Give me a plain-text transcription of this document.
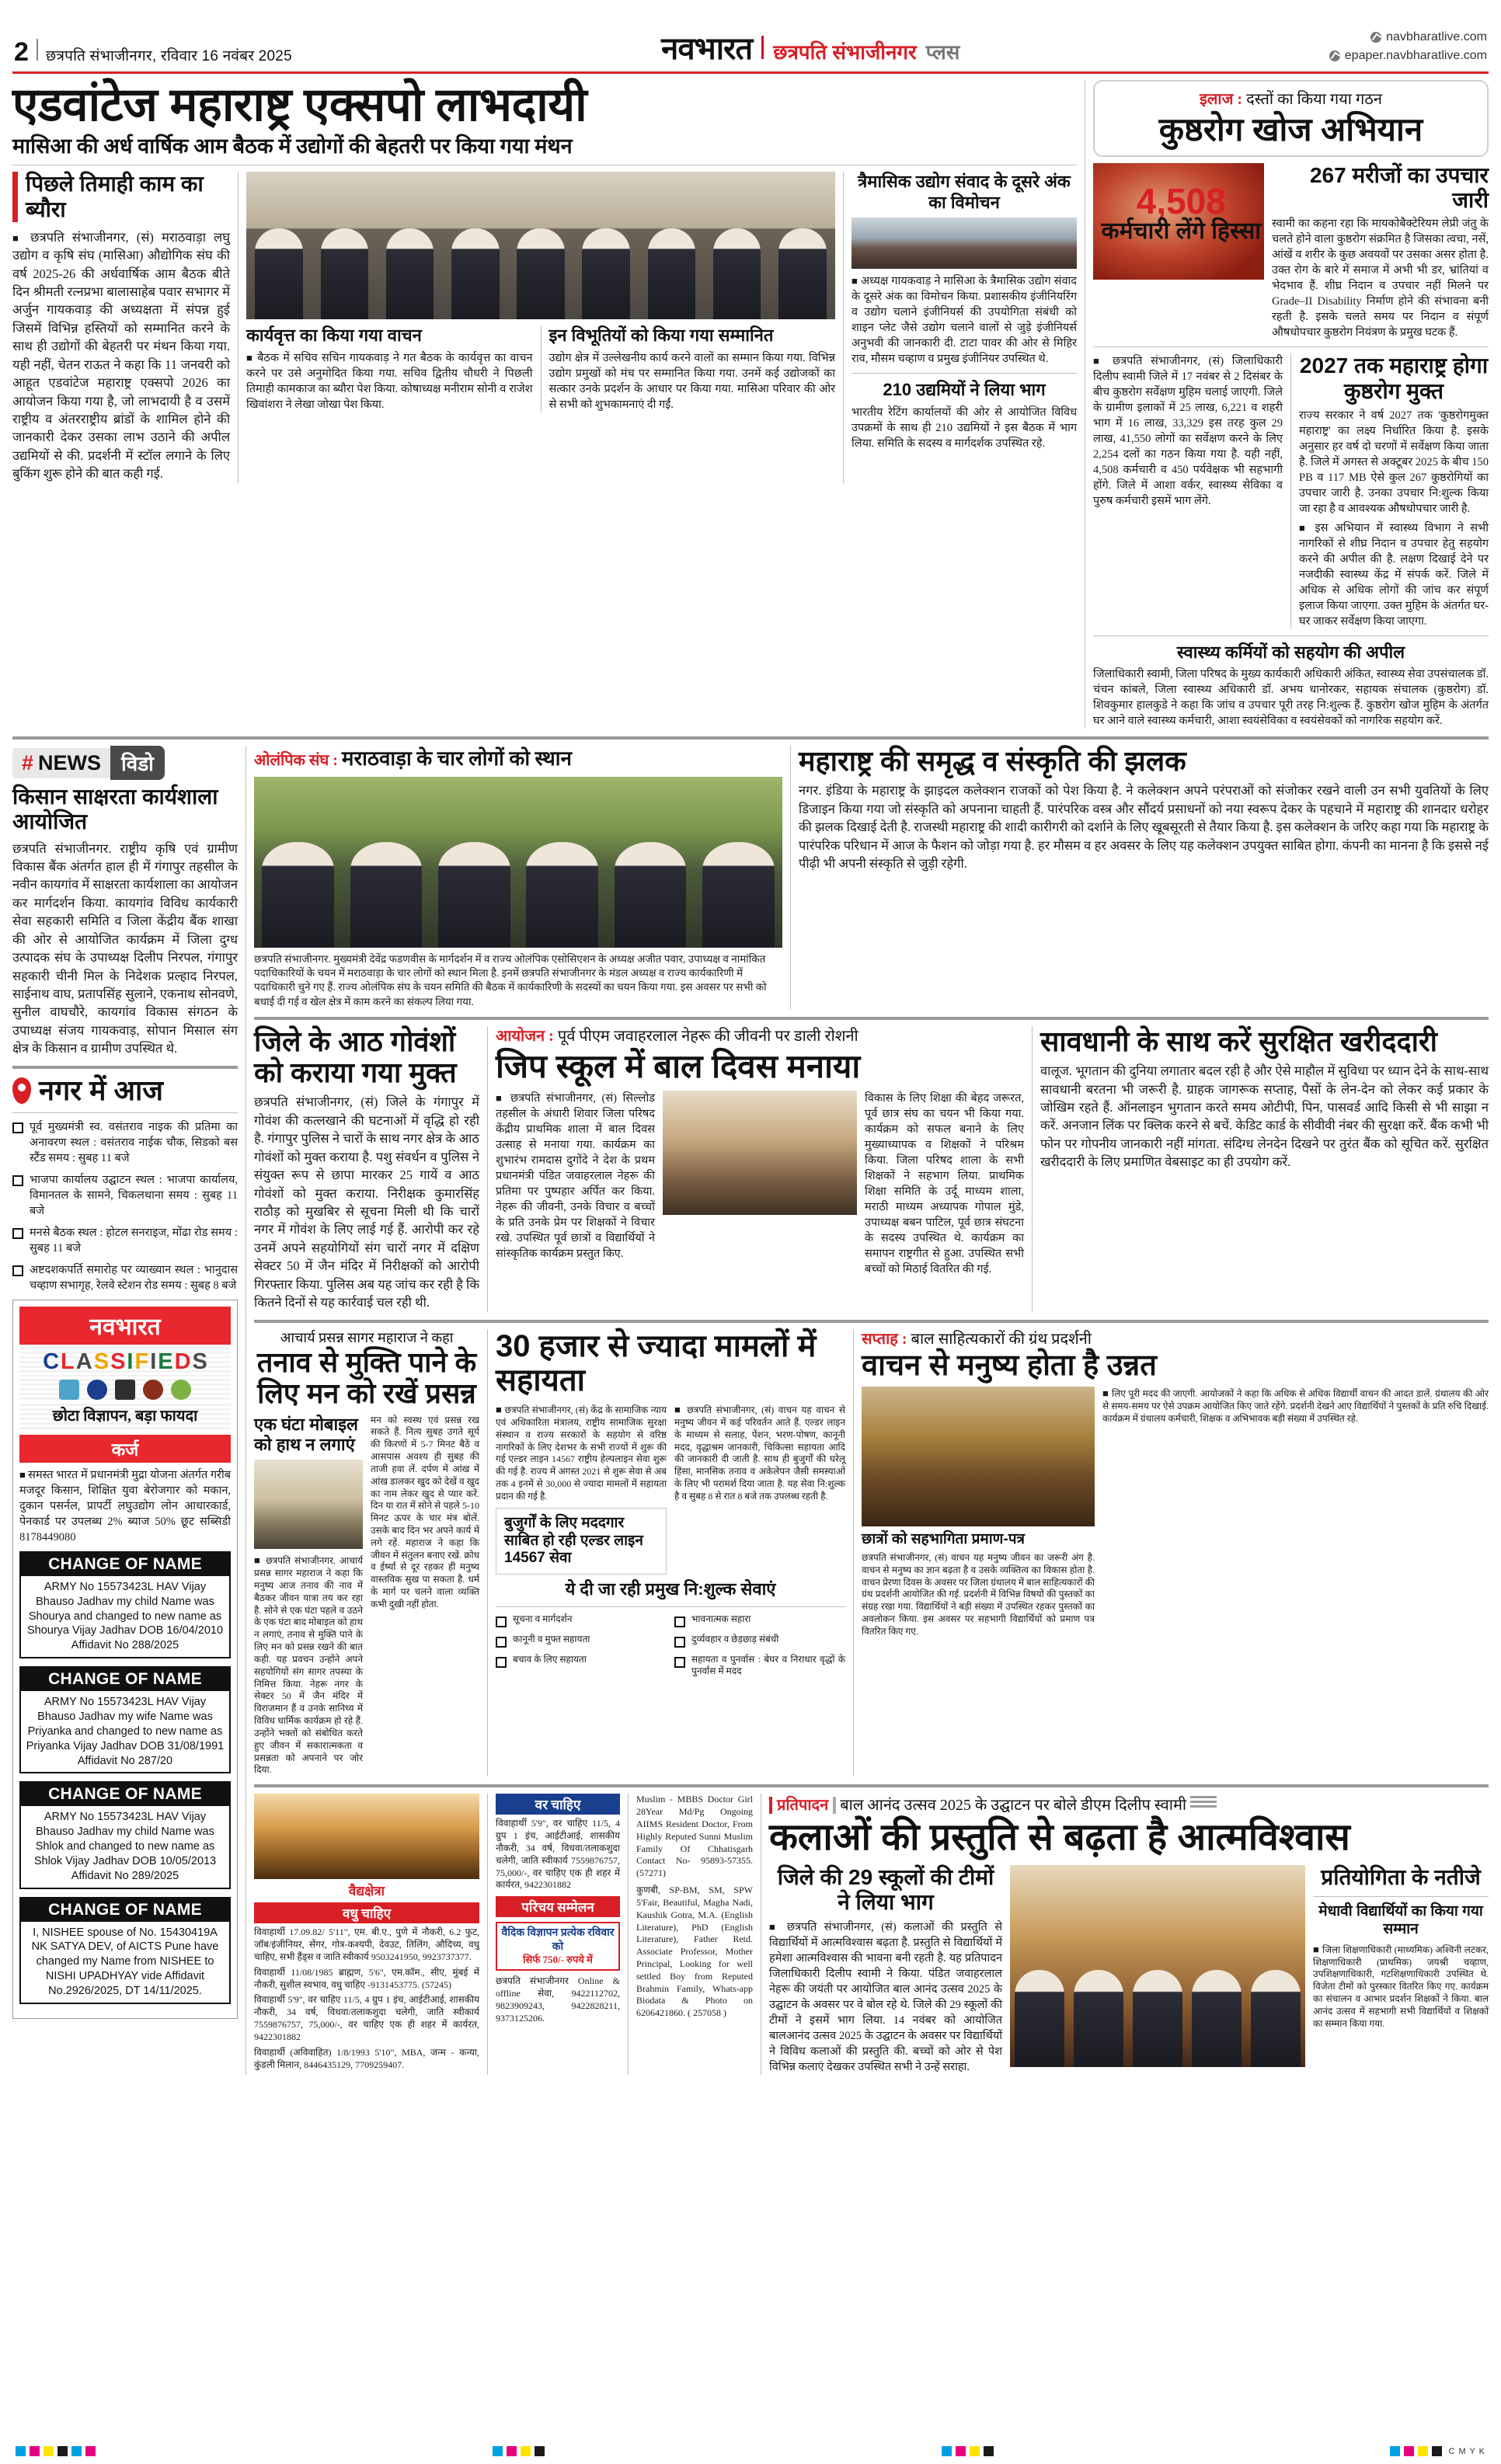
2 छत्रपति संभाजीनगर, रविवार 16 नवंबर 2025	नवभारत छत्रपति संभाजीनगर प्लस
navbharatlive.com
epaper.navbharatlive.com
एडवांटेज महाराष्ट्र एक्सपो लाभदायी
मासिआ की अर्ध वार्षिक आम बैठक में उद्योगों की बेहतरी पर किया गया मंथन
पिछले तिमाही काम का ब्यौरा
■ छत्रपति संभाजीनगर, (सं) मराठवाड़ा लघु उद्योग व कृषि संघ (मासिआ) औद्योगिक संघ की वर्ष 2025-26 की अर्धवार्षिक आम बैठक बीते दिन श्रीमती रत्नप्रभा बालासाहेब पवार सभागर में अर्जुन गायकवाड़ की अध्यक्षता में संपन्न हुई जिसमें विभिन्न हस्तियों को सम्मानित करने के साथ ही उद्योगों की बेहतरी पर मंथन किया गया. यही नहीं, चेतन राऊत ने कहा कि 11 जनवरी को आहूत एडवांटेज महाराष्ट्र एक्सपो 2026 का आयोजन किया गया है, जो लाभदायी है व उसमें राष्ट्रीय व अंतरराष्ट्रीय ब्रांडों के शामिल होने की जानकारी देकर उसका लाभ उठाने की अपील उद्यमियों से की. प्रदर्शनी में स्टॉल लगाने के लिए बुकिंग शुरू होने की बात कही गई.
कार्यवृत्त का किया गया वाचन
■ बैठक में सचिव सचिन गायकवाड़ ने गत बैठक के कार्यवृत्त का वाचन करने पर उसे अनुमोदित किया गया. सचिव द्वितीय चौधरी ने पिछली तिमाही कामकाज का ब्यौरा पेश किया. कोषाध्यक्ष मनीराम सोनी व राजेश खिवांशरा ने लेखा जोखा पेश किया.
इन विभूतियों को किया गया सम्मानित
उद्योग क्षेत्र में उल्लेखनीय कार्य करने वालों का सम्मान किया गया. विभिन्न उद्योग प्रमुखों को मंच पर सम्मानित किया गया. उनमें कई उद्योजकों का सत्कार उनके प्रदर्शन के आधार पर किया गया. मासिआ परिवार की ओर से सभी को शुभकामनाएं दी गईं.
त्रैमासिक उद्योग संवाद के दूसरे अंक का विमोचन
■ अध्यक्ष गायकवाड़ ने मासिआ के त्रैमासिक उद्योग संवाद के दूसरे अंक का विमोचन किया. प्रशासकीय इंजीनियरिंग व उद्योग चलाने इंजीनियर्स की उपयोगिता संबंधी को शाइन प्लेट जैसे उद्योग चलाने वालों से जुड़े इंजीनियर्स अनुभवी की जानकारी दी. टाटा पावर की ओर से मिहिर राव, मौसम चव्हाण व प्रमुख इंजीनियर उपस्थित थे.
210 उद्यमियों ने लिया भाग
भारतीय रेटिंग कार्यालयों की ओर से आयोजित विविध उपक्रमों के साथ ही 210 उद्यमियों ने इस बैठक में भाग लिया. समिति के सदस्य व मार्गदर्शक उपस्थित रहे.
इलाज : दस्तों का किया गया गठन
कुष्ठरोग खोज अभियान
4,508
कर्मचारी लेंगे हिस्सा
267 मरीजों का उपचार जारी
स्वामी का कहना रहा कि मायकोबैक्टेरियम लेप्री जंतु के चलते होने वाला कुष्ठरोग संक्रमित है जिसका त्वचा, नसें, आंखें व शरीर के कुछ अवयवों पर उसका असर होता है. उक्त रोग के बारे में समाज में अभी भी डर, भ्रांतियां व भेदभाव हैं. शीघ्र निदान व उपचार नहीं मिलने पर Grade–II Disability निर्माण होने की संभावना बनी रहती है. इसके चलते समय पर निदान व संपूर्ण औषधोपचार कुष्ठरोग नियंत्रण के प्रमुख घटक हैं.
■ छत्रपति संभाजीनगर, (सं) जिलाधिकारी दिलीप स्वामी जिले में 17 नवंबर से 2 दिसंबर के बीच कुष्ठरोग सर्वेक्षण मुहिम चलाई जाएगी. जिले के ग्रामीण इलाकों में 25 लाख, 6,221 व शहरी भाग में 16 लाख, 33,329 इस तरह कुल 29 लाख, 41,550 लोगों का सर्वेक्षण करने के लिए 2,254 दलों का गठन किया गया है. यही नहीं, 4,508 कर्मचारी व 450 पर्यवेक्षक भी सहभागी होंगे. जिले में आशा वर्कर, स्वास्थ्य सेविका व पुरुष कर्मचारी इसमें भाग लेंगे.
2027 तक महाराष्ट्र होगा कुष्ठरोग मुक्त
राज्य सरकार ने वर्ष 2027 तक 'कुष्ठरोगमुक्त महाराष्ट्र' का लक्ष्य निर्धारित किया है. इसके अनुसार हर वर्ष दो चरणों में सर्वेक्षण किया जाता है. जिले में अगस्त से अक्टूबर 2025 के बीच 150 PB व 117 MB ऐसे कुल 267 कुष्ठरोगियों का उपचार जारी है. उनका उपचार नि:शुल्क किया जा रहा है व आवश्यक औषधोपचार जारी है.
■ इस अभियान में स्वास्थ्य विभाग ने सभी नागरिकों से शीघ्र निदान व उपचार हेतु सहयोग करने की अपील की है. लक्षण दिखाई देने पर नजदीकी स्वास्थ्य केंद्र में संपर्क करें. जिले में अधिक से अधिक लोगों की जांच कर संपूर्ण इलाज किया जाएगा. उक्त मुहिम के अंतर्गत घर-घर जाकर सर्वेक्षण किया जाएगा.
स्वास्थ्य कर्मियों को सहयोग की अपील
जिलाधिकारी स्वामी, जिला परिषद के मुख्य कार्यकारी अधिकारी अंकित, स्वास्थ्य सेवा उपसंचालक डॉ. चंचन कांबले, जिला स्वास्थ्य अधिकारी डॉ. अभय धानोरकर, सहायक संचालक (कुष्ठरोग) डॉ. शिवकुमार हालकुडे ने कहा कि जांच व उपचार पूरी तरह नि:शुल्क हैं. कुष्ठरोग खोज मुहिम के अंतर्गत घर आने वाले स्वास्थ्य कर्मचारी, आशा स्वयंसेविका व स्वयंसेवकों को नागरिक सहयोग करें.
# NEWS	विडो
किसान साक्षरता कार्यशाला आयोजित
छत्रपति संभाजीनगर. राष्ट्रीय कृषि एवं ग्रामीण विकास बैंक अंतर्गत हाल ही में गंगापुर तहसील के नवीन कायगांव में साक्षरता कार्यशाला का आयोजन कर मार्गदर्शन किया. कायगांव विविध कार्यकारी सेवा सहकारी समिति व जिला केंद्रीय बैंक शाखा की ओर से आयोजित कार्यक्रम में जिला दुग्ध उत्पादक संघ के उपाध्यक्ष दिलीप निरपल, गंगापुर सहकारी चीनी मिल के निदेशक प्रल्हाद निरपल, साईनाथ वाघ, प्रतापसिंह सुलाने, एकनाथ सोनवणे, सुनील वाघचौरे, कायगांव विकास संगठन के उपाध्यक्ष संजय गायकवाड़, सोपान मिसाल संग क्षेत्र के किसान व ग्रामीण उपस्थित थे.
नगर में आज
पूर्व मुख्यमंत्री स्व. वसंतराव नाइक की प्रतिमा का अनावरण स्थल : वसंतराव नाईक चौक, सिडको बस स्टैंड समय : सुबह 11 बजे
भाजपा कार्यालय उद्घाटन स्थल : भाजपा कार्यालय, विमानतल के सामने, चिकलथाना समय : सुबह 11 बजे
मनसे बैठक स्थल : होटल सनराइज, मोंढा रोड समय : सुबह 11 बजे
अष्टदशकपर्ति समारोह पर व्याख्यान स्थल : भानुदास चव्हाण सभागृह, रेलवे स्टेशन रोड समय : सुबह 8 बजे
नवभारत
C L A S S I F I E D S
छोटा विज्ञापन, बड़ा फायदा
कर्ज
■ समस्त भारत में प्रधानमंत्री मुद्रा योजना अंतर्गत गरीब मजदूर किसान, शिक्षित युवा बेरोजगार को मकान, दुकान पसर्नल, प्रापर्टी लघुउद्योग लोन आधारकार्ड, पेनकार्ड पर उपलब्ध 2% ब्याज 50% छूट सब्सिडी 8178449080
CHANGE OF NAME
ARMY No 15573423L HAV Vijay Bhauso Jadhav my child Name was Shourya and changed to new name as Shourya Vijay Jadhav DOB 16/04/2010 Affidavit No 288/2025
CHANGE OF NAME
ARMY No 15573423L HAV Vijay Bhauso Jadhav my wife Name was Priyanka and changed to new name as Priyanka Vijay Jadhav DOB 31/08/1991 Affidavit No 287/20
CHANGE OF NAME
ARMY No 15573423L HAV Vijay Bhauso Jadhav my child Name was Shlok and changed to new name as Shlok Vijay Jadhav DOB 10/05/2013 Affidavit No 289/2025
CHANGE OF NAME
I, NISHEE spouse of No. 15430419A NK SATYA DEV, of AICTS Pune have changed my Name from NISHEE to NISHI UPADHYAY vide Affidavit No.2926/2025, DT 14/11/2025.
ओलंपिक संघ : मराठवाड़ा के चार लोगों को स्थान
छत्रपति संभाजीनगर. मुख्यमंत्री देवेंद्र फडणवीस के मार्गदर्शन में व राज्य ओलंपिक एसोसिएशन के अध्यक्ष अजीत पवार, उपाध्यक्ष व नामांकित पदाधिकारियों के चयन में मराठवाड़ा के चार लोगों को स्थान मिला है. इनमें छत्रपति संभाजीनगर के मंडल अध्यक्ष व राज्य कार्यकारिणी में पदाधिकारी चुने गए हैं. राज्य ओलंपिक संघ के चयन समिति की बैठक में कार्यकारिणी के सदस्यों का चयन किया गया. इस अवसर पर सभी को बधाई दी गई व खेल क्षेत्र में काम करने का संकल्प लिया गया.
महाराष्ट्र की समृद्ध व संस्कृति की झलक
नगर. इंडिया के महाराष्ट्र के झाइदल कलेक्शन राजकों को पेश किया है. ने कलेक्शन अपने परंपराओं को संजोकर रखने वाली उन सभी युवतियों के लिए डिजाइन किया गया जो संस्कृति को अपनाना चाहती हैं. पारंपरिक वस्त्र और सौंदर्य प्रसाधनों को नया स्वरूप देकर के पहचाने में महाराष्ट्र की शानदार धरोहर की झलक दिखाई देती है. राजस्थी महाराष्ट्र की शादी कारीगरी को दर्शाने के लिए खूबसूरती से तैयार किया है. इस कलेक्शन के जरिए कहा गया कि महाराष्ट्र के पारंपरिक परिधान में आज के फैशन को जोड़ा गया है. हर मौसम व हर अवसर के लिए यह कलेक्शन उपयुक्त साबित होगा. कंपनी का मानना है कि इससे नई पीढ़ी भी अपनी संस्कृति से जुड़ी रहेगी.
जिले के आठ गोवंशों को कराया गया मुक्त
छत्रपति संभाजीनगर, (सं) जिले के गंगापुर में गोवंश की कत्लखाने की घटनाओं में वृद्धि हो रही है. गंगापुर पुलिस ने चारों के साथ नगर क्षेत्र के आठ गोवंशों को मुक्त कराया है. पशु संवर्धन व पुलिस ने संयुक्त रूप से छापा मारकर 25 गायें व आठ गोवंशों को मुक्त कराया. निरीक्षक कुमारसिंह राठौड़ को मुखबिर से सूचना मिली थी कि चारों नगर में गोवंश के लिए लाई गई हैं. आरोपी कर रहे उनमें अपने सहयोगियों संग चारों नगर में दक्षिण सेक्टर 50 में जैन मंदिर में निरीक्षकों को आरोपी गिरफ्तार किया. पुलिस अब यह जांच कर रही है कि कितने दिनों से यह कार्रवाई चल रही थी.
आयोजन : पूर्व पीएम जवाहरलाल नेहरू की जीवनी पर डाली रोशनी
जिप स्कूल में बाल दिवस मनाया
■ छत्रपति संभाजीनगर, (सं) सिल्लोड तहसील के अंधारी शिवार जिला परिषद केंद्रीय प्राथमिक शाला में बाल दिवस उत्साह से मनाया गया. कार्यक्रम का शुभारंभ रामदास दुगोंदे ने देश के प्रथम प्रधानमंत्री पंडित जवाहरलाल नेहरू की प्रतिमा पर पुष्पहार अर्पित कर किया. नेहरू की जीवनी, उनके विचार व बच्चों के प्रति उनके प्रेम पर शिक्षकों ने विचार रखे. उपस्थित पूर्व छात्रों व विद्यार्थियों ने सांस्कृतिक कार्यक्रम प्रस्तुत किए.
विकास के लिए शिक्षा की बेहद जरूरत, पूर्व छात्र संघ का चयन भी किया गया. कार्यक्रम को सफल बनाने के लिए मुख्याध्यापक व शिक्षकों ने परिश्रम किया. जिला परिषद शाला के सभी शिक्षकों ने सहभाग लिया. प्राथमिक शिक्षा समिति के उर्दू माध्यम शाला, मराठी माध्यम अध्यापक गोपाल मुंडे, उपाध्यक्ष बबन पाटिल, पूर्व छात्र संघटना के सदस्य उपस्थित थे. कार्यक्रम का समापन राष्ट्रगीत से हुआ. उपस्थित सभी बच्चों को मिठाई वितरित की गई.
सावधानी के साथ करें सुरक्षित खरीददारी
वालूज. भूगतान की दुनिया लगातार बदल रही है और ऐसे माहौल में सुविधा पर ध्यान देने के साथ-साथ सावधानी बरतना भी जरूरी है. ग्राहक जागरूक सप्ताह, पैसों के लेन-देन को लेकर कई प्रकार के जोखिम रहते हैं. ऑनलाइन भुगतान करते समय ओटीपी, पिन, पासवर्ड आदि किसी से भी साझा न करें. अनजान लिंक पर क्लिक करने से बचें. केडिट कार्ड के सीवीवी नंबर की सुरक्षा करें. बैंक कभी भी फोन पर गोपनीय जानकारी नहीं मांगता. संदिग्ध लेनदेन दिखने पर तुरंत बैंक को सूचित करें. सुरक्षित खरीददारी के लिए प्रमाणित वेबसाइट का ही उपयोग करें.
आचार्य प्रसन्न सागर महाराज ने कहा
तनाव से मुक्ति पाने के लिए मन को रखें प्रसन्न
एक घंटा मोबाइल को हाथ न लगाएं
■ छत्रपति संभाजीनगर. आचार्य प्रसन्न सागर महाराज ने कहा कि मनुष्य आज तनाव की नाव में बैठकर जीवन यात्रा तय कर रहा है. सोने से एक घंटा पहले व उठने के एक घंटा बाद मोबाइल को हाथ न लगाएं, तनाव से मुक्ति पाने के लिए मन को प्रसन्न रखने की बात कही. यह प्रवचन उन्होंने अपने सहयोगियों संग सागर तपस्या के निमित्त किया. नेहरू नगर के सेक्टर 50 में जैन मंदिर में विराजमान हैं व उनके सानिध्य में विविध धार्मिक कार्यक्रम हो रहे हैं. उन्होंने भक्तों को संबोधित करते हुए जीवन में सकारात्मकता व प्रसन्नता को अपनाने पर जोर दिया.
मन को स्वस्थ एवं प्रसन्न रख सकते हैं. नित्य सुबह उगते सूर्य की किरणों में 5-7 मिनट बैठें व आसपास अवश्य ही सुबह की ताजी हवा लें. दर्पण में आंख में आंख डालकर खुद को देखें व खुद का नाम लेकर खुद से प्यार करें. दिन या रात में सोने से पहले 5-10 मिनट ऊपर के चार मंत्र बोलें. उसके बाद दिन भर अपने कार्य में लगे रहें. महाराज ने कहा कि जीवन में संतुलन बनाए रखें. क्रोध व ईर्ष्या से दूर रहकर ही मनुष्य वास्तविक सुख पा सकता है. धर्म के मार्ग पर चलने वाला व्यक्ति कभी दुखी नहीं होता.
30 हजार से ज्यादा मामलों में सहायता
■ छत्रपति संभाजीनगर, (सं) केंद्र के सामाजिक न्याय एवं अधिकारिता मंत्रालय, राष्ट्रीय सामाजिक सुरक्षा संस्थान व राज्य सरकारों के सहयोग से वरिष्ठ नागरिकों के लिए देशभर के सभी राज्यों में शुरू की गई एल्डर लाइन 14567 राष्ट्रीय हेल्पलाइन सेवा शुरू की गई है. राज्य में अगस्त 2021 से शुरू सेवा से अब तक 4 इनमें से 30,000 से ज्यादा मामलों में सहायता प्रदान की गई है.
बुजुर्गों के लिए मददगार साबित हो रही एल्डर लाइन 14567 सेवा
■ छत्रपति संभाजीनगर, (सं) वाचन यह वाचन से मनुष्य जीवन में कई परिवर्तन आते हैं. एल्डर लाइन के माध्यम से सलाह, पेंशन, भरण-पोषण, कानूनी मदद, वृद्धाश्रम जानकारी, चिकित्सा सहायता आदि की जानकारी दी जाती है. साथ ही बुजुर्गों की घरेलू हिंसा, मानसिक तनाव व अकेलेपन जैसी समस्याओं के लिए भी परामर्श दिया जाता है. यह सेवा नि:शुल्क है व सुबह 8 से रात 8 बजे तक उपलब्ध रहती है.
ये दी जा रही प्रमुख नि:शुल्क सेवाएं
सूचना व मार्गदर्शन
कानूनी व मुफ्त सहायता
बचाव के लिए सहायता
भावनात्मक सहारा
दुर्व्यवहार व छेड़छाड़ संबंधी
सहायता व पुनर्वास : बेघर व निराधार वृद्धों के पुनर्वास में मदद
सप्ताह : बाल साहित्यकारों की ग्रंथ प्रदर्शनी
वाचन से मनुष्य होता है उन्नत
छात्रों को सहभागिता प्रमाण-पत्र
छत्रपति संभाजीनगर, (सं) वाचन यह मनुष्य जीवन का जरूरी अंग है. वाचन से मनुष्य का ज्ञान बढ़ता है व उसके व्यक्तित्व का विकास होता है. वाचन प्रेरणा दिवस के अवसर पर जिला ग्रंथालय में बाल साहित्यकारों की ग्रंथ प्रदर्शनी आयोजित की गई. प्रदर्शनी में विभिन्न विषयों की पुस्तकों का संग्रह रखा गया. विद्यार्थियों ने बड़ी संख्या में उपस्थित रहकर पुस्तकों का अवलोकन किया. इस अवसर पर सहभागी विद्यार्थियों को प्रमाण पत्र वितरित किए गए.
■ लिए पूरी मदद की जाएगी. आयोजकों ने कहा कि अधिक से अधिक विद्यार्थी वाचन की आदत डालें. ग्रंथालय की ओर से समय-समय पर ऐसे उपक्रम आयोजित किए जाते रहेंगे. प्रदर्शनी देखने आए विद्यार्थियों ने पुस्तकों के प्रति रुचि दिखाई. कार्यक्रम में ग्रंथालय कर्मचारी, शिक्षक व अभिभावक बड़ी संख्या में उपस्थित रहे.
वैद्यक्षेत्रा
वधु चाहिए
विवाहार्थी 17.09.82/ 5'11", एम. बी.ए., पुणे में नौकरी, 6.2 फुट, जॉब/इंजीनियर, सेंगर, गोत्र-कश्यपी, देवउट, तिलिंग, औदिच्य, वधु चाहिए, सभी हैंड्स व जाति स्वीकार्य 9503241950, 9923737377.
विवाहार्थी 11/08/1985 ब्राह्मण, 5'6", एम.कॉम., सीए, मुंबई में नौकरी, सुशील स्वभाव, वधु चाहिए -9131453775. (57245)
विवाहार्थी 5'9", वर चाहिए 11/5, 4 ग्रुप 1 इंच, आईटीआई, शासकीय नौकरी, 34 वर्ष, विधवा/तलाकशुदा चलेगी, जाति स्वीकार्य 7559876757, 75,000/-, वर चाहिए एक ही शहर में कार्यरत, 9422301882
विवाहार्थी (अविवाहित) 1/8/1993 5'10", MBA, जन्म - कन्या, कुंडली मिलान, 8446435129, 7709259407.
वर चाहिए
विवाहार्थी 5'9", वर चाहिए 11/5, 4 ग्रुप 1 इंच, आईटीआई, शासकीय नौकरी, 34 वर्ष, विधवा/तलाकशुदा चलेगी, जाति स्वीकार्य 7559876757, 75,000/-, वर चाहिए एक ही शहर में कार्यरत, 9422301882
परिचय सम्मेलन
वैदिक विज्ञापन प्रत्येक रविवार को
सिर्फ 750/- रुपये में
छत्रपति संभाजीनगर Online & offline सेवा, 9422112702, 9823909243, 9422828211, 9373125206.
Muslim - MBBS Doctor Girl 28Year Md/Pg Ongoing AIIMS Resident Doctor, From Highly Reputed Sunni Muslim Family Of Chhatisgarh Contact No- 95893-57355. (57271)
कुणबी, SP-BM, SM, SPW 5'Fair, Beautiful, Magha Nadi, Kaushik Gotra, M.A. (English Literature), PhD (English Literature), Father Retd. Associate Professor, Mother Principal, Looking for well settled Boy from Reputed Brahmin Family, Whats-app Biodata & Photo on 6206421860. ( 257058 )
प्रतिपादन बाल आनंद उत्सव 2025 के उद्घाटन पर बोले डीएम दिलीप स्वामी
कलाओं की प्रस्तुति से बढ़ता है आत्मविश्वास
जिले की 29 स्कूलों की टीमों ने लिया भाग
■ छत्रपति संभाजीनगर, (सं) कलाओं की प्रस्तुति से विद्यार्थियों में आत्मविश्वास बढ़ता है. प्रस्तुति से विद्यार्थियों में हमेशा आत्मविश्वास की भावना बनी रहती है. यह प्रतिपादन जिलाधिकारी दिलीप स्वामी ने किया. पंडित जवाहरलाल नेहरू की जयंती पर आयोजित बाल आनंद उत्सव 2025 के उद्घाटन के अवसर पर वे बोल रहे थे. जिले की 29 स्कूलों की टीमों ने इसमें भाग लिया. 14 नवंबर को आयोजित बालआनंद उत्सव 2025 के उद्घाटन के अवसर पर विद्यार्थियों ने विविध कलाओं की प्रस्तुति की. बच्चों को ओर से पेश विभिन्न कलाएं देखकर उपस्थित सभी ने उन्हें सराहा.
प्रतियोगिता के नतीजे
मेधावी विद्यार्थियों का किया गया सम्मान
■ जिला शिक्षणाधिकारी (माध्यमिक) अश्विनी लटकर, शिक्षणाधिकारी (प्राथमिक) जयश्री चव्हाण, उपशिक्षणाधिकारी, गटशिक्षणाधिकारी उपस्थित थे. विजेता टीमों को पुरस्कार वितरित किए गए. कार्यक्रम का संचालन व आभार प्रदर्शन शिक्षकों ने किया. बाल आनंद उत्सव में सहभागी सभी विद्यार्थियों व शिक्षकों का सम्मान किया गया.
C M Y K
